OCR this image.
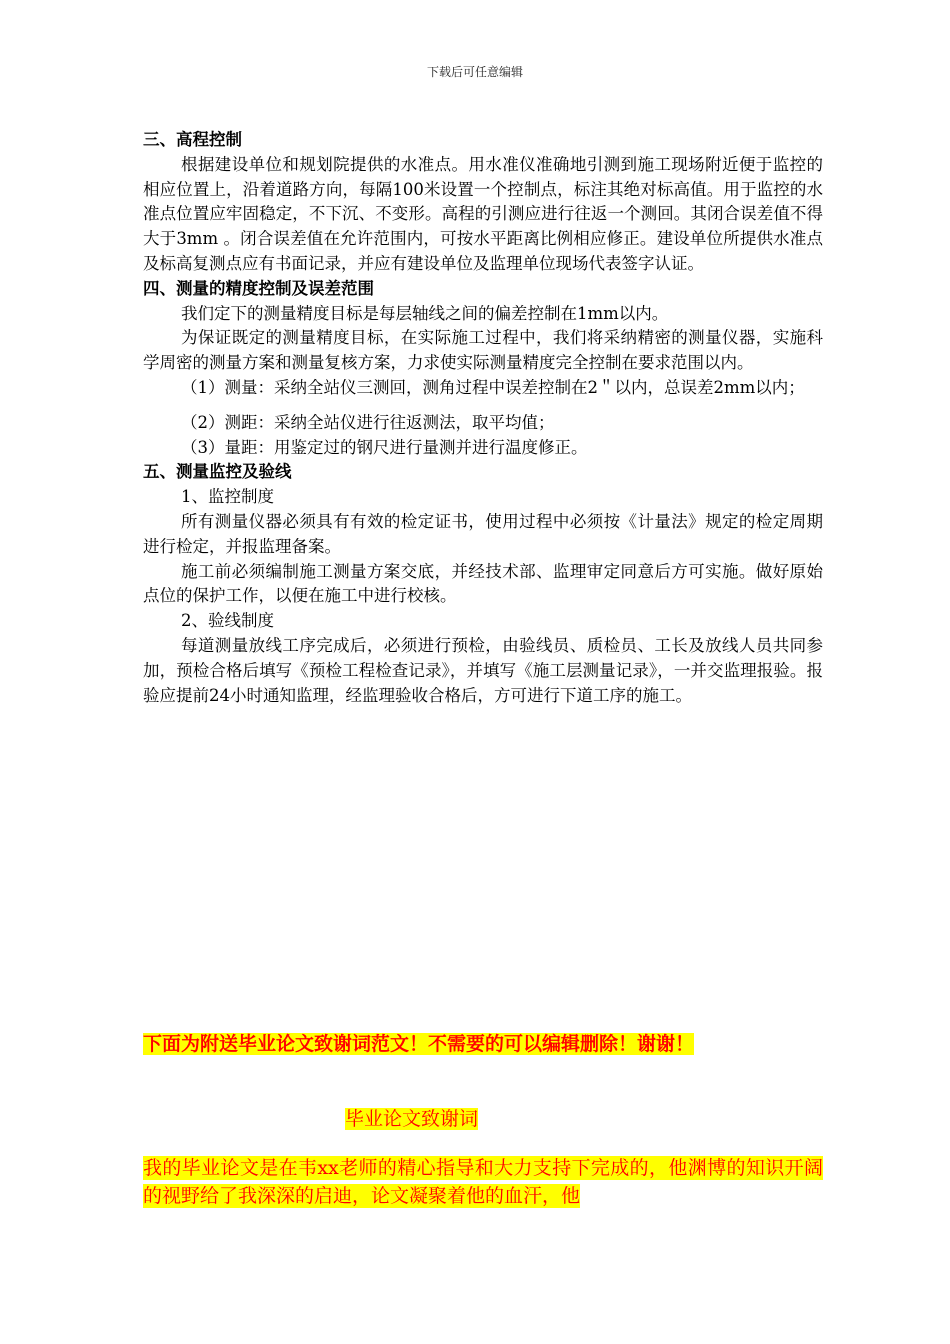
下载后可任意编辑
三、高程控制

根据建设单位和规划院提供的水准点。用水准仪准确地引测到施工现场附近便于监控的相应位置上，沿着道路方向，每隔100米设置一个控制点，标注其绝对标高值。用于监控的水准点位置应牢固稳定，不下沉、不变形。高程的引测应进行往返一个测回。其闭合误差值不得大于3mm 。闭合误差值在允许范围内，可按水平距离比例相应修正。建设单位所提供水准点及标高复测点应有书面记录，并应有建设单位及监理单位现场代表签字认证。

四、测量的精度控制及误差范围

我们定下的测量精度目标是每层轴线之间的偏差控制在1mm以内。

为保证既定的测量精度目标，在实际施工过程中，我们将采纳精密的测量仪器，实施科学周密的测量方案和测量复核方案，力求使实际测量精度完全控制在要求范围以内。

（1）测量：采纳全站仪三测回，测角过程中误差控制在2＂以内，总误差2mm以内；

（2）测距：采纳全站仪进行往返测法，取平均值；

（3）量距：用鉴定过的钢尺进行量测并进行温度修正。

五、测量监控及验线

1、监控制度

所有测量仪器必须具有有效的检定证书，使用过程中必须按《计量法》规定的检定周期进行检定，并报监理备案。

施工前必须编制施工测量方案交底，并经技术部、监理审定同意后方可实施。做好原始点位的保护工作，以便在施工中进行校核。

2、验线制度

每道测量放线工序完成后，必须进行预检，由验线员、质检员、工长及放线人员共同参加，预检合格后填写《预检工程检查记录》，并填写《施工层测量记录》，一并交监理报验。报验应提前24小时通知监理，经监理验收合格后，方可进行下道工序的施工。

下面为附送毕业论文致谢词范文！不需要的可以编辑删除！谢谢！
毕业论文致谢词
我的毕业论文是在韦xx老师的精心指导和大力支持下完成的，他渊博的知识开阔的视野给了我深深的启迪，论文凝聚着他的血汗，他
